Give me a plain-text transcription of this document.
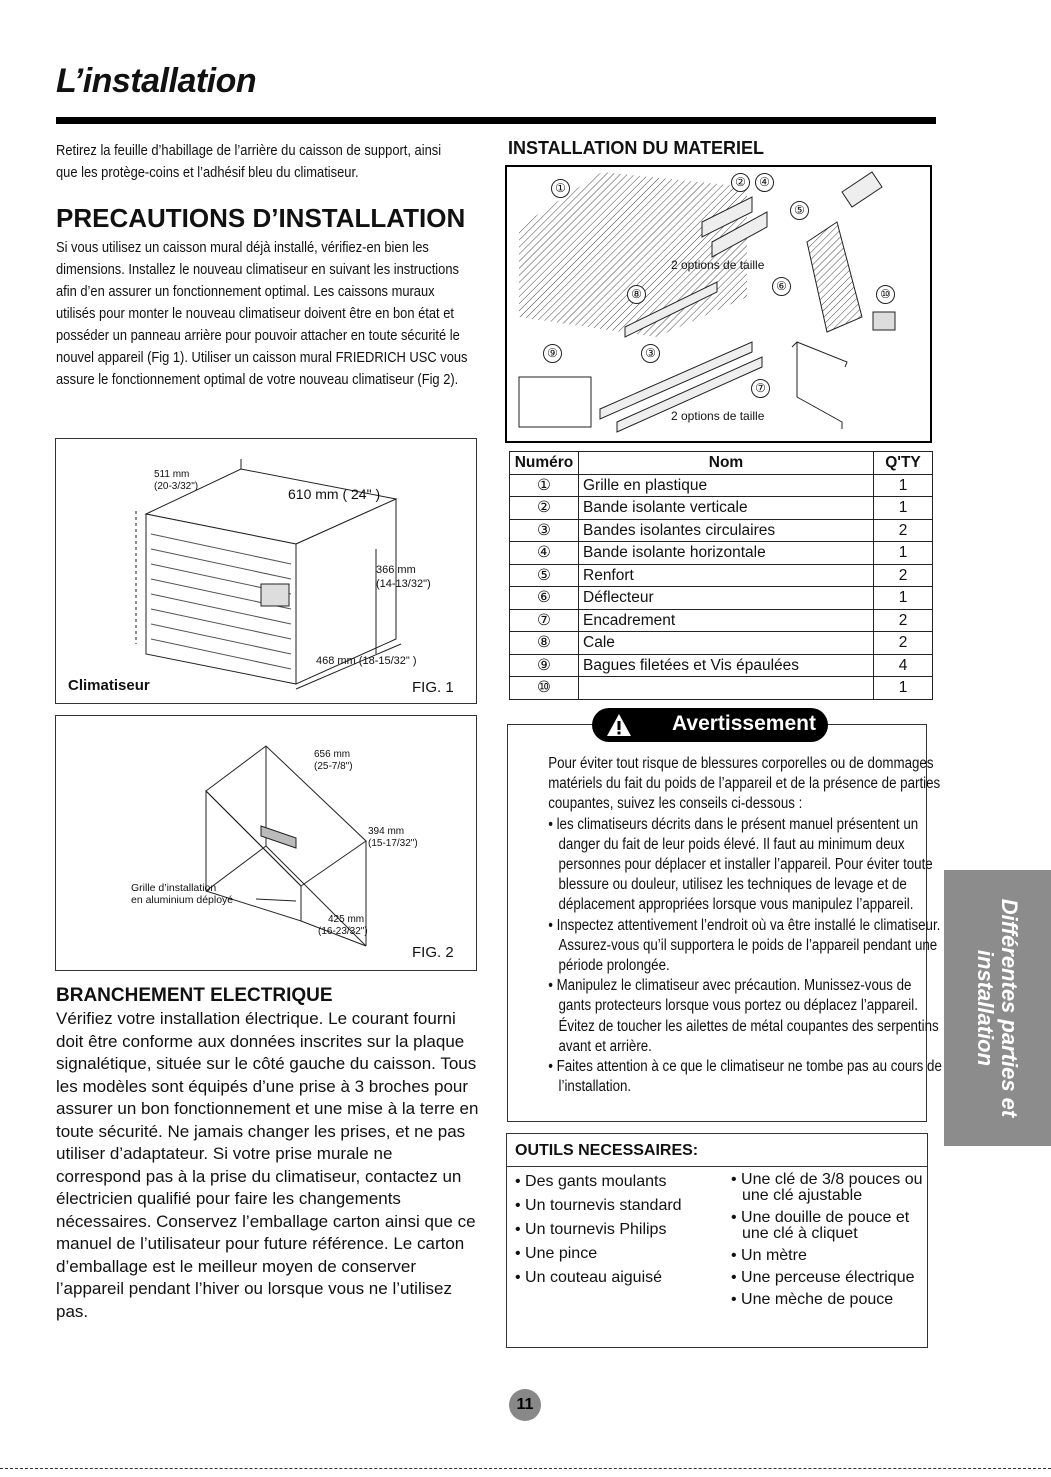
L’installation
Retirez la feuille d’habillage de l’arrière du caisson de support, ainsi que les protège-coins et l’adhésif bleu du climatiseur.
PRECAUTIONS D’INSTALLATION
Si vous utilisez un caisson mural déjà installé, vérifiez-en bien les dimensions. Installez le nouveau climatiseur en suivant les instructions afin d’en assurer un fonctionnement optimal. Les caissons muraux utilisés pour monter le nouveau climatiseur doivent être en bon état et posséder un panneau arrière pour pouvoir attacher en toute sécurité le nouvel appareil (Fig 1). Utiliser un caisson mural FRIEDRICH USC vous assure le fonctionnement optimal de votre nouveau climatiseur (Fig 2).
511 mm
(20-3/32")	610 mm ( 24" )
366 mm
(14-13/32")
468 mm (18-15/32" )
Climatiseur	FIG. 1
656 mm
(25-7/8")
394 mm
(15-17/32")
425 mm
(16-23/32")
Grille d’installation
en aluminium déployé
FIG. 2
BRANCHEMENT ELECTRIQUE
Vérifiez votre installation électrique. Le courant fourni doit être conforme aux données inscrites sur la plaque signalétique, située sur le côté gauche du caisson. Tous les modèles sont équipés d’une prise à 3 broches pour assurer un bon fonctionnement et une mise à la terre en toute sécurité. Ne jamais changer les prises, et ne pas utiliser d’adaptateur. Si votre prise murale ne correspond pas à la prise du climatiseur, contactez un électricien qualifié pour faire les changements nécessaires. Conservez l’emballage carton ainsi que ce manuel de l’utilisateur pour future référence. Le carton d’emballage est le meilleur moyen de conserver l’appareil pendant l’hiver ou lorsque vous ne l’utilisez pas.
INSTALLATION DU MATERIEL
①	②	④
⑤
⑥
⑧	⑩
⑨	③
⑦
2 options de taille
2 options de taille
Numéro	Nom	Q'TY
①	Grille en plastique	1
②	Bande isolante verticale	1
③	Bandes isolantes circulaires	2
④	Bande isolante horizontale	1
⑤	Renfort	2
⑥	Déflecteur	1
⑦	Encadrement	2
⑧	Cale	2
⑨	Bagues filetées et Vis épaulées	4
⑩		1
Avertissement
Pour éviter tout risque de blessures corporelles ou de dommages matériels du fait du poids de l’appareil et de la présence de parties coupantes, suivez les conseils ci-dessous :
• les climatiseurs décrits dans le présent manuel présentent un danger du fait de leur poids élevé. Il faut au minimum deux personnes pour déplacer et installer l’appareil. Pour éviter toute blessure ou douleur, utilisez les techniques de levage et de déplacement appropriées lorsque vous manipulez l’appareil.
• Inspectez attentivement l’endroit où va être installé le climatiseur. Assurez-vous qu’il supportera le poids de l’appareil pendant une période prolongée.
• Manipulez le climatiseur avec précaution. Munissez-vous de gants protecteurs lorsque vous portez ou déplacez l’appareil. Évitez de toucher les ailettes de métal coupantes des serpentins avant et arrière.
• Faites attention à ce que le climatiseur ne tombe pas au cours de l’installation.
OUTILS NECESSAIRES:
• Des gants moulants
• Un tournevis standard
• Un tournevis Philips
• Une pince
• Un couteau aiguisé
• Une clé de 3/8 pouces ou une clé ajustable
• Une douille de pouce et une clé à cliquet
• Un mètre
• Une perceuse électrique
• Une mèche de pouce
Différentes parties et
installation
11
